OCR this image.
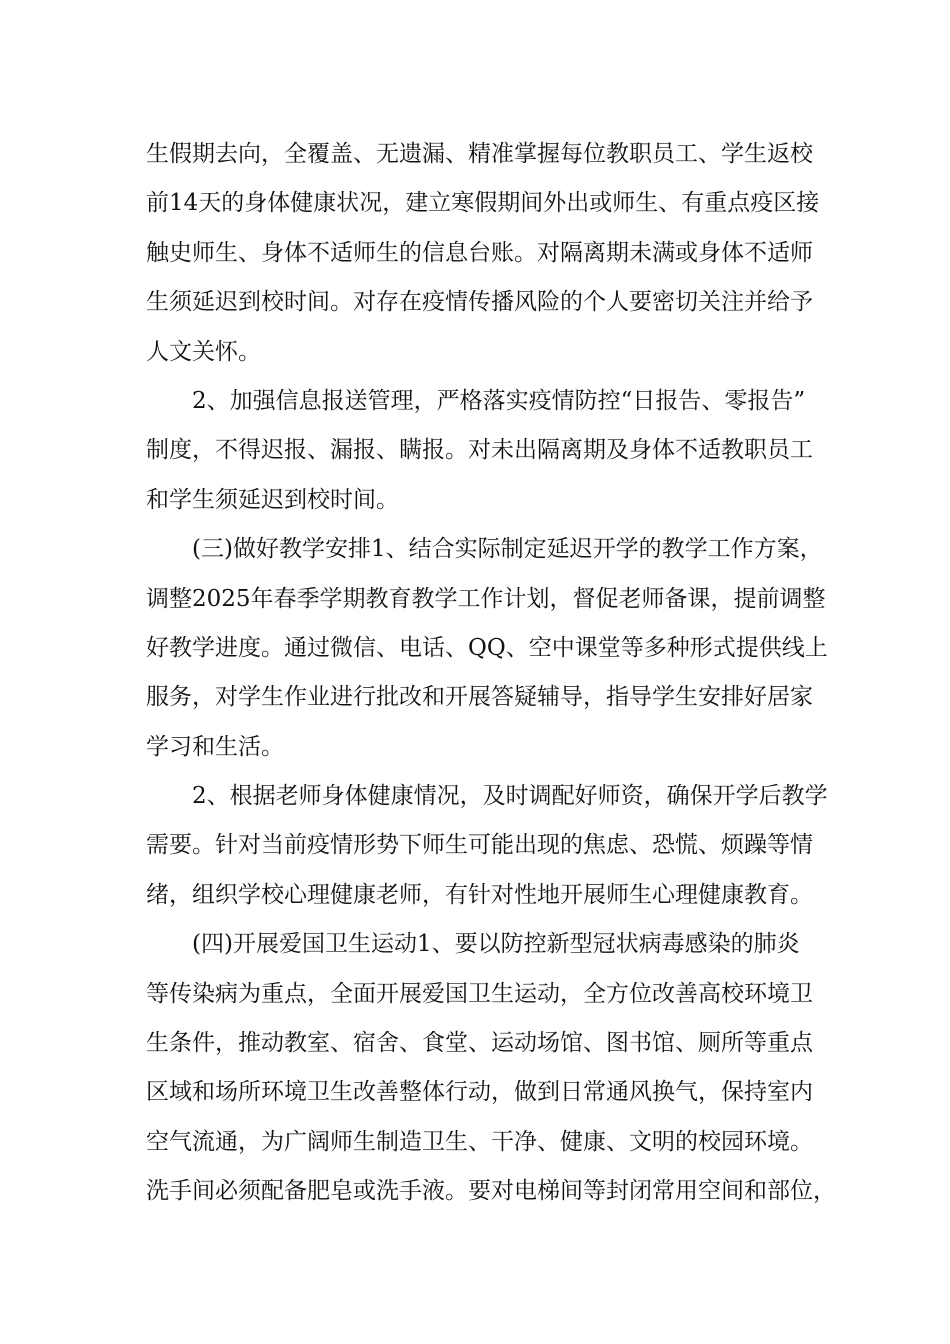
生假期去向，全覆盖、无遗漏、精准掌握每位教职员工、学生返校
前14天的身体健康状况，建立寒假期间外出或师生、有重点疫区接
触史师生、身体不适师生的信息台账。对隔离期未满或身体不适师
生须延迟到校时间。对存在疫情传播风险的个人要密切关注并给予
人文关怀。
2、加强信息报送管理，严格落实疫情防控“日报告、零报告”
制度，不得迟报、漏报、瞒报。对未出隔离期及身体不适教职员工
和学生须延迟到校时间。
(三)做好教学安排1、结合实际制定延迟开学的教学工作方案，
调整2025年春季学期教育教学工作计划，督促老师备课，提前调整
好教学进度。通过微信、电话、QQ、空中课堂等多种形式提供线上
服务，对学生作业进行批改和开展答疑辅导，指导学生安排好居家
学习和生活。
2、根据老师身体健康情况，及时调配好师资，确保开学后教学
需要。针对当前疫情形势下师生可能出现的焦虑、恐慌、烦躁等情
绪，组织学校心理健康老师，有针对性地开展师生心理健康教育。
(四)开展爱国卫生运动1、要以防控新型冠状病毒感染的肺炎
等传染病为重点，全面开展爱国卫生运动，全方位改善高校环境卫
生条件，推动教室、宿舍、食堂、运动场馆、图书馆、厕所等重点
区域和场所环境卫生改善整体行动，做到日常通风换气，保持室内
空气流通，为广阔师生制造卫生、干净、健康、文明的校园环境。
洗手间必须配备肥皂或洗手液。要对电梯间等封闭常用空间和部位，
